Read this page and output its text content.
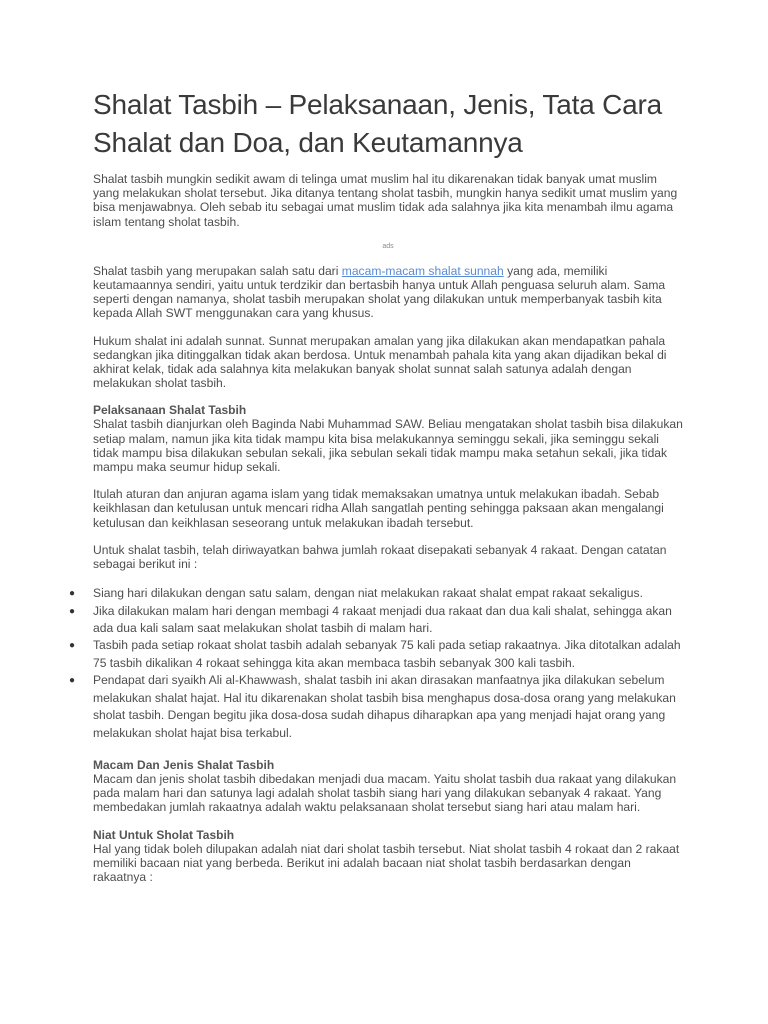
Shalat Tasbih – Pelaksanaan, Jenis, Tata Cara Shalat dan Doa, dan Keutamannya

Shalat tasbih mungkin sedikit awam di telinga umat muslim hal itu dikarenakan tidak banyak umat muslim yang melakukan sholat tersebut. Jika ditanya tentang sholat tasbih, mungkin hanya sedikit umat muslim yang bisa menjawabnya. Oleh sebab itu sebagai umat muslim tidak ada salahnya jika kita menambah ilmu agama islam tentang sholat tasbih.

ads

Shalat tasbih yang merupakan salah satu dari macam-macam shalat sunnah yang ada, memiliki keutamaannya sendiri, yaitu untuk terdzikir dan bertasbih hanya untuk Allah penguasa seluruh alam. Sama seperti dengan namanya, sholat tasbih merupakan sholat yang dilakukan untuk memperbanyak tasbih kita kepada Allah SWT menggunakan cara yang khusus.

Hukum shalat ini adalah sunnat. Sunnat merupakan amalan yang jika dilakukan akan mendapatkan pahala sedangkan jika ditinggalkan tidak akan berdosa. Untuk menambah pahala kita yang akan dijadikan bekal di akhirat kelak, tidak ada salahnya kita melakukan banyak sholat sunnat salah satunya adalah dengan melakukan sholat tasbih.

Pelaksanaan Shalat Tasbih

Shalat tasbih dianjurkan oleh Baginda Nabi Muhammad SAW. Beliau mengatakan sholat tasbih bisa dilakukan setiap malam, namun jika kita tidak mampu kita bisa melakukannya seminggu sekali, jika seminggu sekali tidak mampu bisa dilakukan sebulan sekali, jika sebulan sekali tidak mampu maka setahun sekali, jika tidak mampu maka seumur hidup sekali.

Itulah aturan dan anjuran agama islam yang tidak memaksakan umatnya untuk melakukan ibadah. Sebab keikhlasan dan ketulusan untuk mencari ridha Allah sangatlah penting sehingga paksaan akan mengalangi ketulusan dan keikhlasan seseorang untuk melakukan ibadah tersebut.

Untuk shalat tasbih, telah diriwayatkan bahwa jumlah rokaat disepakati sebanyak 4 rakaat. Dengan catatan sebagai berikut ini :

● Siang hari dilakukan dengan satu salam, dengan niat melakukan rakaat shalat empat rakaat sekaligus.
● Jika dilakukan malam hari dengan membagi 4 rakaat menjadi dua rakaat dan dua kali shalat, sehingga akan ada dua kali salam saat melakukan sholat tasbih di malam hari.
● Tasbih pada setiap rokaat sholat tasbih adalah sebanyak 75 kali pada setiap rakaatnya. Jika ditotalkan adalah 75 tasbih dikalikan 4 rokaat sehingga kita akan membaca tasbih sebanyak 300 kali tasbih.
● Pendapat dari syaikh Ali al-Khawwash, shalat tasbih ini akan dirasakan manfaatnya jika dilakukan sebelum melakukan shalat hajat. Hal itu dikarenakan sholat tasbih bisa menghapus dosa-dosa orang yang melakukan sholat tasbih. Dengan begitu jika dosa-dosa sudah dihapus diharapkan apa yang menjadi hajat orang yang melakukan sholat hajat bisa terkabul.
Macam Dan Jenis Shalat Tasbih

Macam dan jenis sholat tasbih dibedakan menjadi dua macam. Yaitu sholat tasbih dua rakaat yang dilakukan pada malam hari dan satunya lagi adalah sholat tasbih siang hari yang dilakukan sebanyak 4 rakaat. Yang membedakan jumlah rakaatnya adalah waktu pelaksanaan sholat tersebut siang hari atau malam hari.

Niat Untuk Sholat Tasbih

Hal yang tidak boleh dilupakan adalah niat dari sholat tasbih tersebut. Niat sholat tasbih 4 rokaat dan 2 rakaat memiliki bacaan niat yang berbeda. Berikut ini adalah bacaan niat sholat tasbih berdasarkan dengan rakaatnya :
